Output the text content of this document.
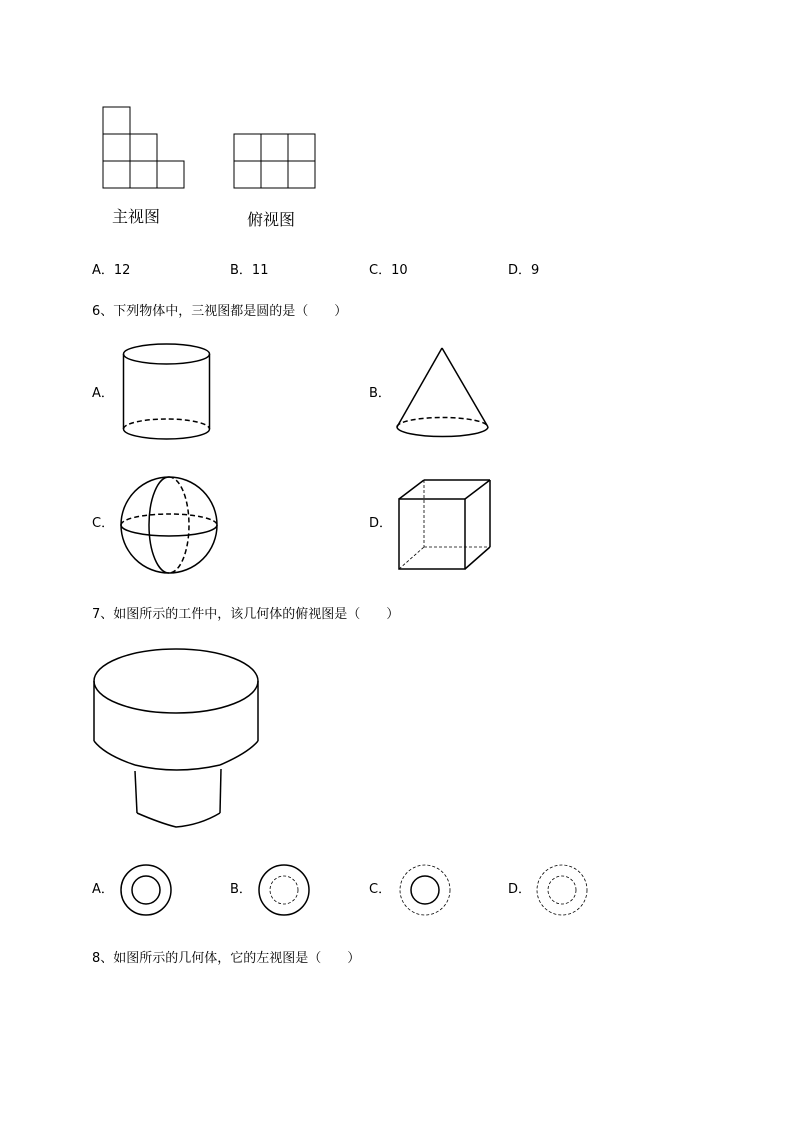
主视图	俯视图
A．12	B．11	C．10	D．9
6、下列物体中，三视图都是圆的是（　　）
A．	B．
C．	D．
7、如图所示的工件中，该几何体的俯视图是（　　）
A．	B．	C．	D．
8、如图所示的几何体，它的左视图是（　　）
